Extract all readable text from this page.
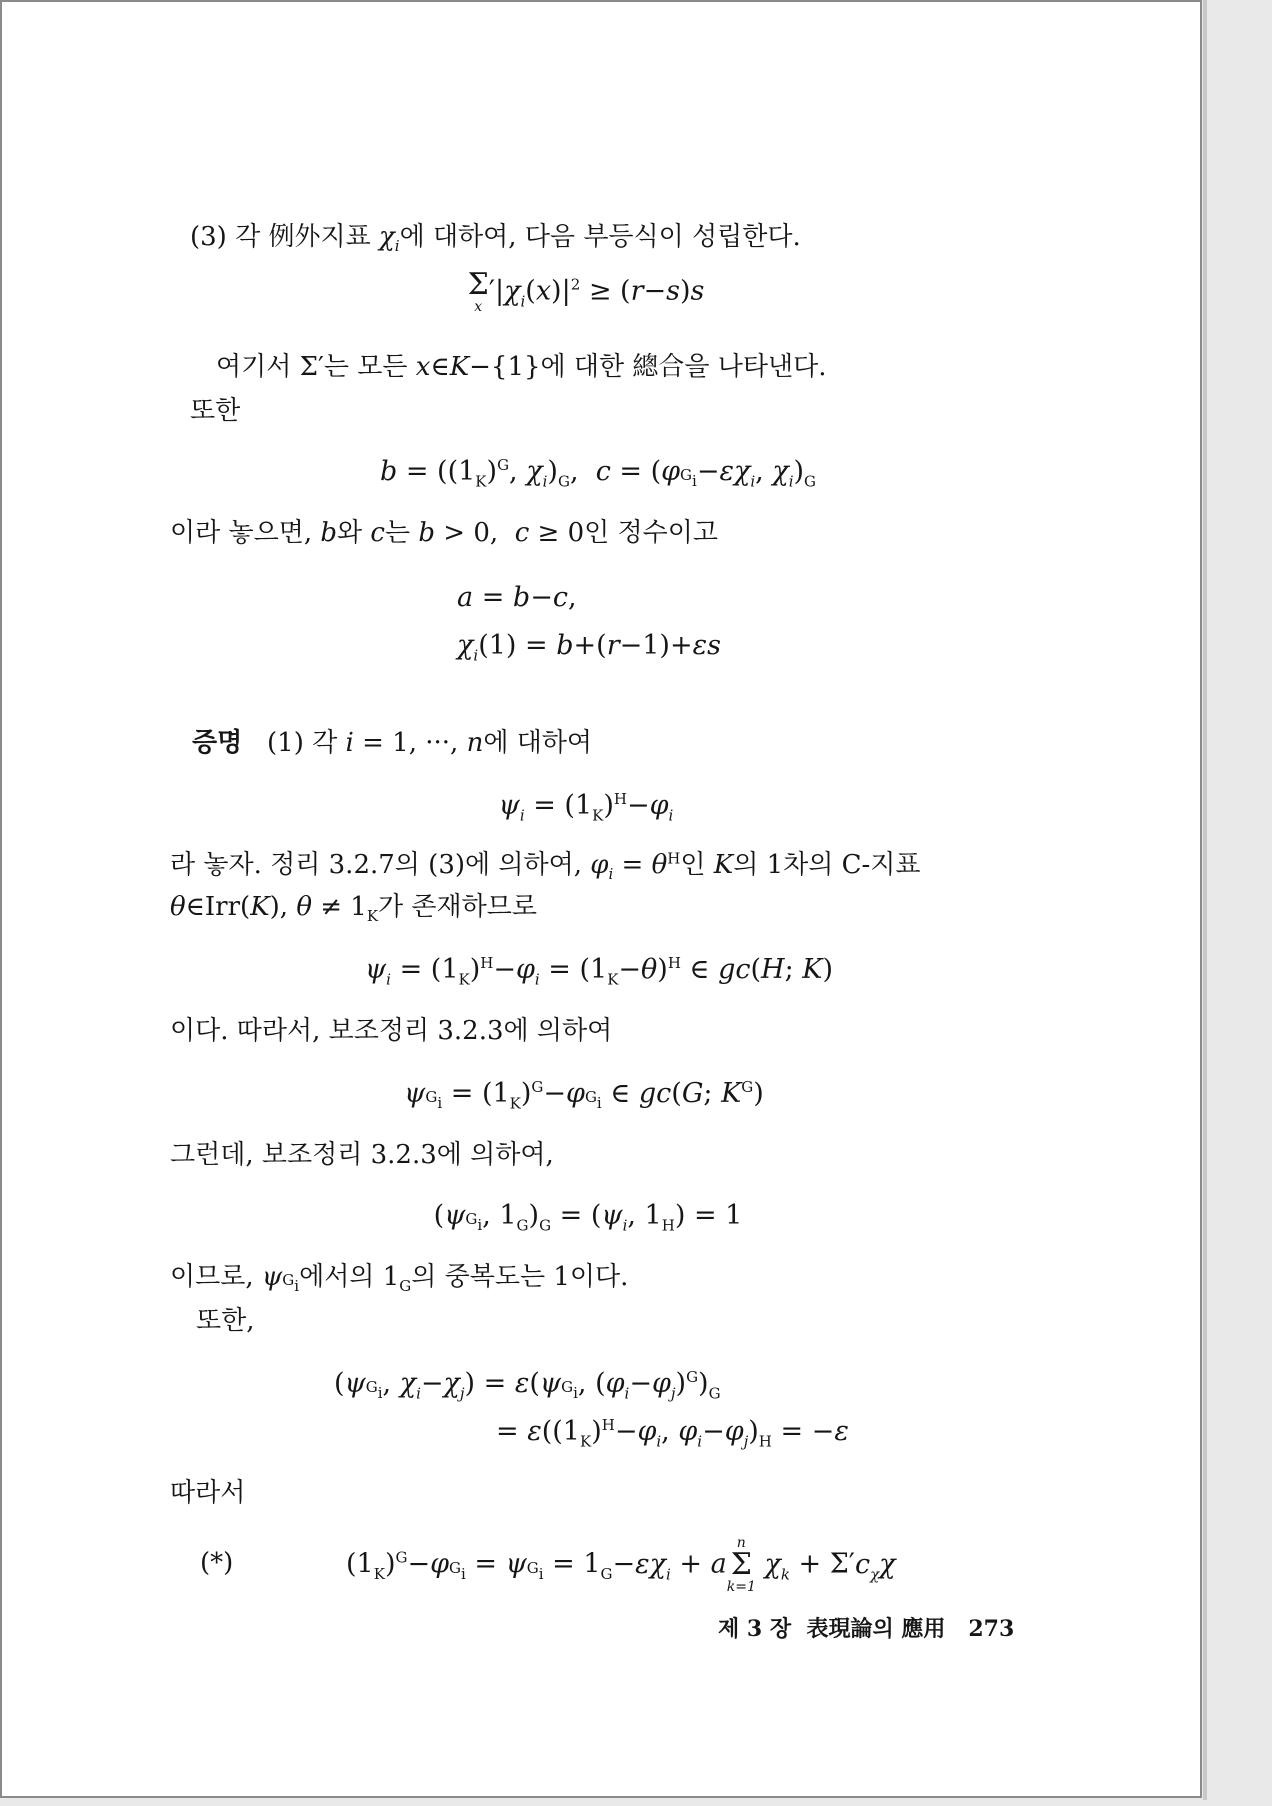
(3) 각 例外지표 $\chi_i$에 대하여, 다음 부등식이 성립한다.
Σ
x
$'|\chi_i(x)|^2 \ge (r-s)s$
여기서 Σ′는 모든 x∈K−{1}에 대한 總合을 나타낸다.
또한
$b = ((1_K)^G$, $\chi_i)_G$,  $c = (\varphi_{^Gi}-\varepsilon\chi_i$, $\chi_i)_G$
이라 놓으면, b와 c는 b > 0,  c ≥ 0인 정수이고
a = b−c,
$\chi_i(1) = b+(r-1)+\varepsilon s$
증명   (1) 각 i = 1, ···, n에 대하여
$\psi_i = (1_K)^H-\varphi_i$
라 놓자. 정리 3.2.7의 (3)에 의하여, $\varphi_i = \theta^H$인 K의 1차의 C-지표
θ∈Irr(K), $\theta \ne 1_K$가 존재하므로
$\psi_i = (1_K)^H-\varphi_i = (1_K-\theta)^H$ ∈ gc(H; K)
이다. 따라서, 보조정리 3.2.3에 의하여
$\psi_{^Gi} = (1_K)^G-\varphi_{^Gi}$ ∈ gc(G; $K^G$)
그런데, 보조정리 3.2.3에 의하여,
($\psi_{^Gi}$, $1_G)_G = (\psi_i$, $1_H) = 1$
이므로, $\psi_{^Gi}$에서의 $1_G$의 중복도는 1이다.
또한,
($\psi_{^Gi}$, $\chi_i-\chi_j) = \varepsilon(\psi_{^Gi}$, $(\varphi_i-\varphi_j)^G)_G$
= $\varepsilon((1_K)^H-\varphi_i$, $\varphi_i-\varphi_j)_H = -\varepsilon$
따라서
(*)	$(1_K)^G-\varphi_{^Gi} = \psi_{^Gi} = 1_G-\varepsilon\chi_i + a$
n
Σ
k=1
$\chi_k + \Sigma'c_\chi\chi$
제 3 장 表現論의 應用 273
